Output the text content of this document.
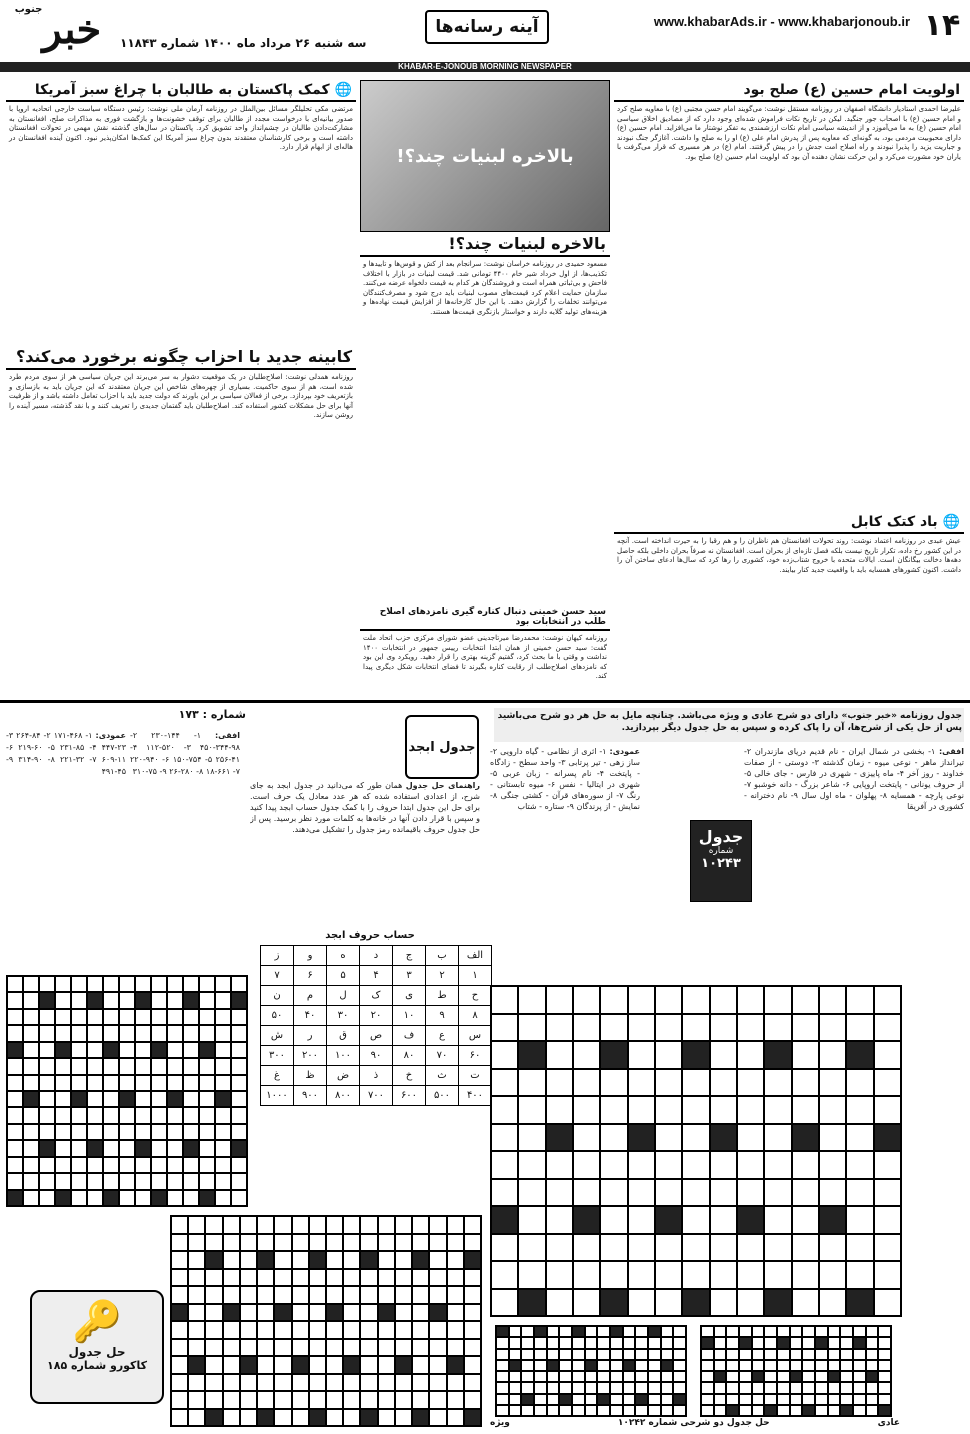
۱۴
www.khabarAds.ir - www.khabarjonoub.ir
آینه رسانه‌ها
سه شنبه ۲۶ مرداد ماه ۱۴۰۰ شماره ۱۱۸۴۳
خبر$^{جنوب}$
KHABAR-E-JONOUB MORNING NEWSPAPER
اولویت امام حسین (ع) صلح بود
علیرضا احمدی استادیار دانشگاه اصفهان در روزنامه مستقل نوشت: می‌گویند امام حسن مجتبی (ع) با معاویه صلح کرد و امام حسین (ع) با اصحاب جور جنگید. لیکن در تاریخ نکات فراموش شده‌ای وجود دارد که از مصادیق اخلاق سیاسی امام حسین (ع) به ما می‌آموزد و از اندیشه سیاسی امام نکات ارزشمندی به تفکر نوشتار ما می‌افزاید. امام حسین (ع) دارای محبوبیت مردمی بود، به گونه‌ای که معاویه پس از پدرش امام علی (ع) او را به صلح وا داشت. آغازگر جنگ نبودند و جباریت یزید را پذیرا نبودند و راه اصلاح امت جدش را در پیش گرفتند. امام (ع) در هر مسیری که قرار می‌گرفت با یاران خود مشورت می‌کرد و این حرکت نشان دهنده آن بود که اولویت امام حسین (ع) صلح بود.
بالاخره لبنیات چند؟!
بالاخره لبنیات چند؟!
مسعود حمیدی در روزنامه خراسان نوشت: سرانجام بعد از کش و قوس‌ها و تاییدها و تکذیب‌ها، از اول خرداد شیر خام ۴۴۰۰ تومانی شد. قیمت لبنیات در بازار با اختلاف فاحش و بی‌ثباتی همراه است و فروشندگان هر کدام به قیمت دلخواه عرضه می‌کنند. سازمان حمایت اعلام کرد قیمت‌های مصوب لبنیات باید درج شود و مصرف‌کنندگان می‌توانند تخلفات را گزارش دهند. با این حال کارخانه‌ها از افزایش قیمت نهاده‌ها و هزینه‌های تولید گلایه دارند و خواستار بازنگری قیمت‌ها هستند.
🌐 کمک پاکستان به طالبان با چراغ سبز آمریکا
مرتضی مکی تحلیلگر مسائل بین‌الملل در روزنامه آرمان ملی نوشت: رئیس دستگاه سیاست خارجی اتحادیه اروپا با صدور بیانیه‌ای با درخواست مجدد از طالبان برای توقف خشونت‌ها و بازگشت فوری به مذاکرات صلح، افغانستان به مشارکت‌دادن طالبان در چشم‌انداز واحد تشویق کرد. پاکستان در سال‌های گذشته نقش مهمی در تحولات افغانستان داشته است و برخی کارشناسان معتقدند بدون چراغ سبز آمریکا این کمک‌ها امکان‌پذیر نبود. اکنون آینده افغانستان در هاله‌ای از ابهام قرار دارد.
کابینه جدید با احزاب چگونه برخورد می‌کند؟
روزنامه همدلی نوشت: اصلاح‌طلبان در یک موقعیت دشوار به سر می‌برند این جریان سیاسی هر از سوی مردم طرد شده است، هم از سوی حاکمیت. بسیاری از چهره‌های شاخص این جریان معتقدند که این جریان باید به بازسازی و بازتعریف خود بپردازد. برخی از فعالان سیاسی بر این باورند که دولت جدید باید با احزاب تعامل داشته باشد و از ظرفیت آنها برای حل مشکلات کشور استفاده کند. اصلاح‌طلبان باید گفتمان جدیدی را تعریف کنند و با نقد گذشته، مسیر آینده را روشن سازند.
سید حسن خمینی دنبال کناره گیری نامزدهای اصلاح طلب در انتخابات بود
روزنامه کیهان نوشت: محمدرضا میرتاجدینی عضو شورای مرکزی حزب اتحاد ملت گفت: سید حسن خمینی از همان ابتدا انتخابات رییس جمهور در انتخابات ۱۴۰۰ نداشت و وقتی با ما بحث کرد، گفتیم گزینه بهتری را قرار دهید. رویکرد وی این بود که نامزدهای اصلاح‌طلب از رقابت کناره بگیرند تا فضای انتخابات شکل دیگری پیدا کند.
🌐 باد کتک کابل
عیش عبدی در روزنامه اعتماد نوشت: روند تحولات افغانستان هم ناظران را و هم رقبا را به حیرت انداخته است. آنچه در این کشور رخ داده، تکرار تاریخ نیست بلکه فصل تازه‌ای از بحران است. افغانستان نه صرفاً بحران داخلی بلکه حاصل دهه‌ها دخالت بیگانگان است. ایالات متحده با خروج شتاب‌زده خود، کشوری را رها کرد که سال‌ها ادعای ساختن آن را داشت. اکنون کشورهای همسایه باید با واقعیت جدید کنار بیایند.
جدول روزنامه «خبر جنوب» دارای دو شرح عادی و ویژه می‌باشد. چنانچه مایل به حل هر دو شرح می‌باشید پس از حل یکی از شرح‌ها، آن را پاک کرده و سپس به حل جدول دیگر بپردازید.
جدول
شماره
۱۰۲۴۳
افقی: ۱- بخشی در شمال ایران - نام قدیم دریای مازندران ۲- تیرانداز ماهر - نوعی میوه - زمان گذشته ۳- دوستی - از صفات خداوند - روز آخر ۴- ماه پاییزی - شهری در فارس - جای خالی ۵- از حروف یونانی - پایتخت اروپایی ۶- شاعر بزرگ - دانه خوشبو ۷- نوعی پارچه - همسایه ۸- پهلوان - ماه اول سال ۹- نام دخترانه - کشوری در آفریقا
عمودی: ۱- اثری از نظامی - گیاه دارویی ۲- ساز زهی - تیر پرتابی ۳- واحد سطح - زادگاه - پایتخت ۴- نام پسرانه - زبان عربی ۵- شهری در ایتالیا - نفس ۶- میوه تابستانی - رنگ ۷- از سوره‌های قرآن - کشتی جنگی ۸- نمایش - از پرندگان ۹- ستاره - شتاب
شماره : ۱۷۳
افقی: ۱- ۱۴۴-۲۳۰ ۲- ۹۸-۳۴۴-۴۵۰ ۳- ۵۲۰-۱۱۲ ۴- ۴۱-۲۵۶ ۵- ۷۵۴-۱۵۰ ۶- ۹۴۰-۲۲۰ ۷- ۶۶۱-۱۸ ۸- ۲۸۰-۲۶ ۹- ۷۵-۳۱۰
عمودی: ۱- ۴۶۸-۱۷۱ ۲- ۸۴-۲۶۴ ۳- ۲۳-۴۴۷ ۴- ۸۵-۲۳۱ ۵- ۶۰-۲۱۹ ۶- ۱۱-۶۰۹ ۷- ۳۲-۲۲۱ ۸- ۹۰-۳۱۴ ۹- ۴۵-۴۹۱
جدول ابجد
راهنمای حل جدول همان طور که می‌دانید در جدول ابجد به جای شرح، از اعدادی استفاده شده که هر عدد معادل یک حرف است. برای حل این جدول ابتدا حروف را با کمک جدول حساب ابجد پیدا کنید و سپس با قرار دادن آنها در خانه‌ها به کلمات مورد نظر برسید. پس از حل جدول حروف باقیمانده رمز جدول را تشکیل می‌دهند.
حساب حروف ابجد
الف	ب	ج	د	ه	و	ز
۱	۲	۳	۴	۵	۶	۷
ح	ط	ی	ک	ل	م	ن
۸	۹	۱۰	۲۰	۳۰	۴۰	۵۰
س	ع	ف	ص	ق	ر	ش
۶۰	۷۰	۸۰	۹۰	۱۰۰	۲۰۰	۳۰۰
ت	ث	خ	ذ	ض	ظ	غ
۴۰۰	۵۰۰	۶۰۰	۷۰۰	۸۰۰	۹۰۰	۱۰۰۰
🔑
حل جدول
کاکورو شماره ۱۸۵
عادی
حل جدول دو شرحی شماره ۱۰۲۴۲
ویژه
